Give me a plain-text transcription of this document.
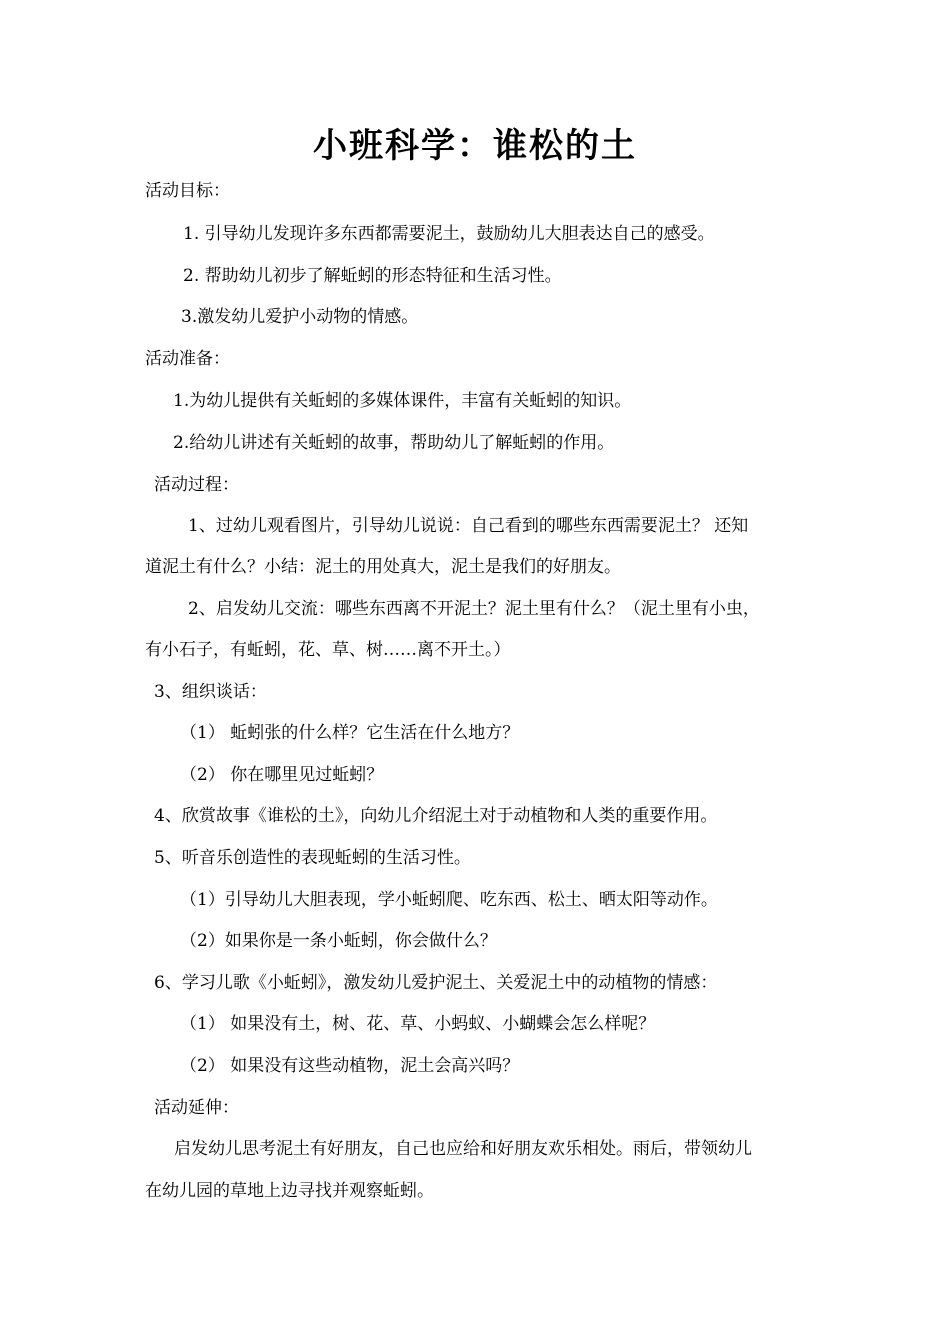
小班科学：谁松的土
活动目标：
1. 引导幼儿发现许多东西都需要泥土，鼓励幼儿大胆表达自己的感受。
2. 帮助幼儿初步了解蚯蚓的形态特征和生活习性。
3.激发幼儿爱护小动物的情感。
活动准备：
1.为幼儿提供有关蚯蚓的多媒体课件，丰富有关蚯蚓的知识。
2.给幼儿讲述有关蚯蚓的故事，帮助幼儿了解蚯蚓的作用。
活动过程：
1、过幼儿观看图片，引导幼儿说说：自己看到的哪些东西需要泥土？ 还知
道泥土有什么？小结：泥土的用处真大，泥土是我们的好朋友。
2、启发幼儿交流：哪些东西离不开泥土？泥土里有什么？（泥土里有小虫，
有小石子，有蚯蚓，花、草、树……离不开土。）
3、组织谈话：
（1） 蚯蚓张的什么样？它生活在什么地方？
（2） 你在哪里见过蚯蚓？
4、欣赏故事《谁松的土》，向幼儿介绍泥土对于动植物和人类的重要作用。
5、听音乐创造性的表现蚯蚓的生活习性。
（1）引导幼儿大胆表现，学小蚯蚓爬、吃东西、松土、晒太阳等动作。
（2）如果你是一条小蚯蚓，你会做什么？
6、学习儿歌《小蚯蚓》，激发幼儿爱护泥土、关爱泥土中的动植物的情感：
（1） 如果没有土，树、花、草、小蚂蚁、小蝴蝶会怎么样呢？
（2） 如果没有这些动植物，泥土会高兴吗？
活动延伸：
启发幼儿思考泥土有好朋友，自己也应给和好朋友欢乐相处。雨后，带领幼儿
在幼儿园的草地上边寻找并观察蚯蚓。
